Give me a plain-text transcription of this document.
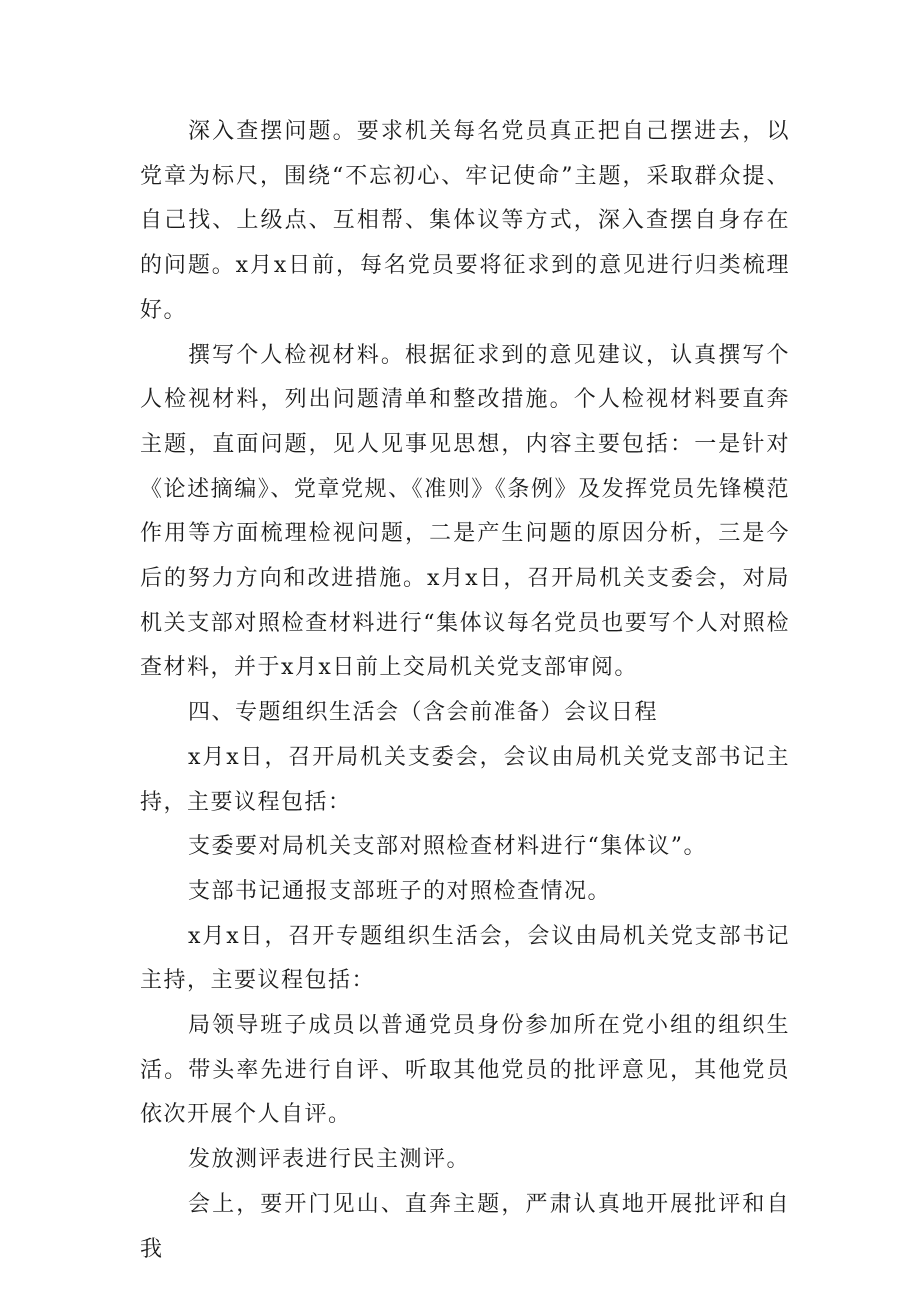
深入查摆问题。要求机关每名党员真正把自己摆进去，以党章为标尺，围绕“不忘初心、牢记使命”主题，采取群众提、自己找、上级点、互相帮、集体议等方式，深入查摆自身存在的问题。x月x日前，每名党员要将征求到的意见进行归类梳理好。

撰写个人检视材料。根据征求到的意见建议，认真撰写个人检视材料，列出问题清单和整改措施。个人检视材料要直奔主题，直面问题，见人见事见思想，内容主要包括：一是针对《论述摘编》、党章党规、《准则》《条例》及发挥党员先锋模范作用等方面梳理检视问题，二是产生问题的原因分析，三是今后的努力方向和改进措施。x月x日，召开局机关支委会，对局机关支部对照检查材料进行“集体议每名党员也要写个人对照检查材料，并于x月x日前上交局机关党支部审阅。

四、专题组织生活会（含会前准备）会议日程

x月x日，召开局机关支委会，会议由局机关党支部书记主持，主要议程包括：

支委要对局机关支部对照检查材料进行“集体议”。

支部书记通报支部班子的对照检查情况。

x月x日，召开专题组织生活会，会议由局机关党支部书记主持，主要议程包括：

局领导班子成员以普通党员身份参加所在党小组的组织生活。带头率先进行自评、听取其他党员的批评意见，其他党员依次开展个人自评。

发放测评表进行民主测评。

会上，要开门见山、直奔主题，严肃认真地开展批评和自我
